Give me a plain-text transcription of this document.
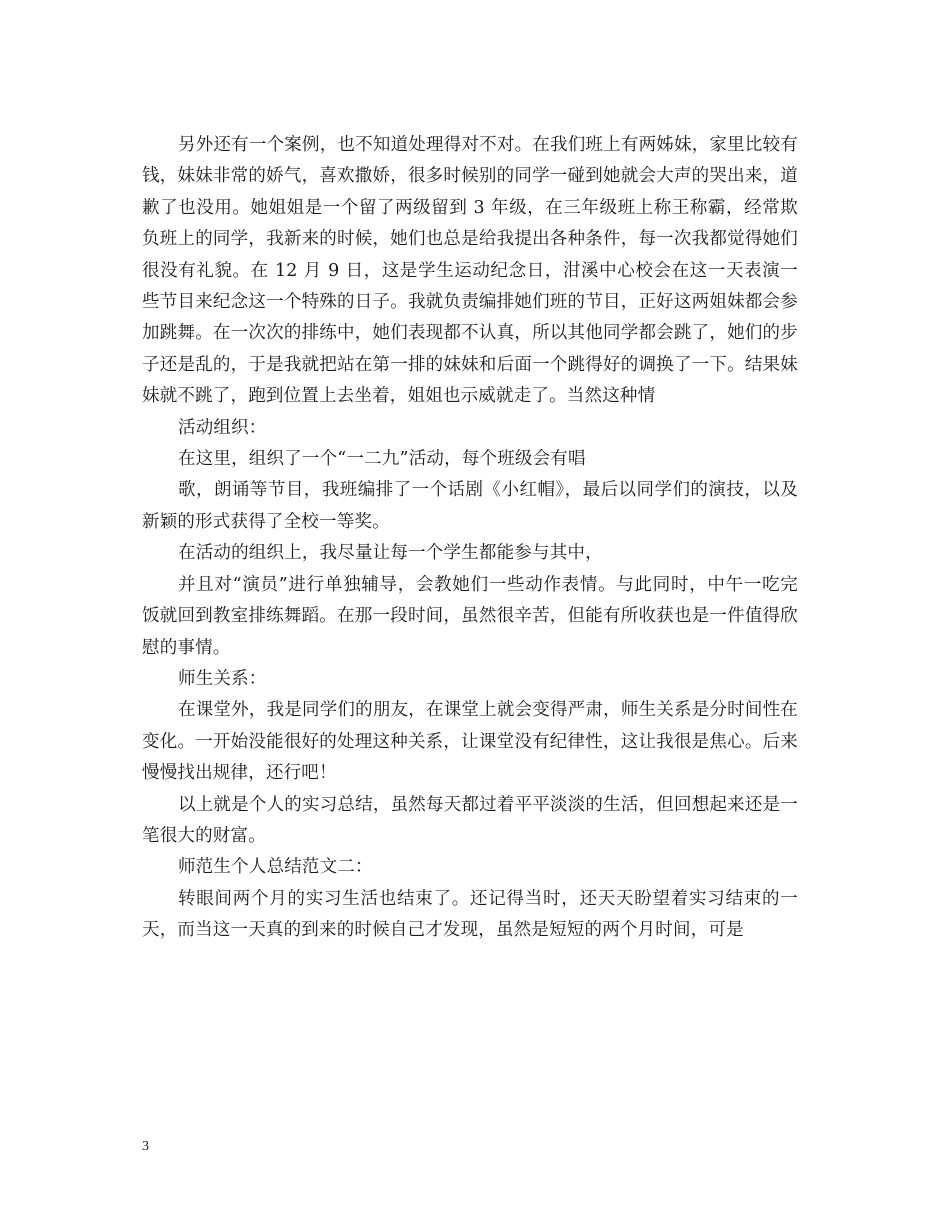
另外还有一个案例，也不知道处理得对不对。在我们班上有两姊妹，家里比较有钱，妹妹非常的娇气，喜欢撒娇，很多时候别的同学一碰到她就会大声的哭出来，道歉了也没用。她姐姐是一个留了两级留到 3 年级，在三年级班上称王称霸，经常欺负班上的同学，我新来的时候，她们也总是给我提出各种条件，每一次我都觉得她们很没有礼貌。在 12 月 9 日，这是学生运动纪念日，泔溪中心校会在这一天表演一些节目来纪念这一个特殊的日子。我就负责编排她们班的节目，正好这两姐妹都会参加跳舞。在一次次的排练中，她们表现都不认真，所以其他同学都会跳了，她们的步子还是乱的，于是我就把站在第一排的妹妹和后面一个跳得好的调换了一下。结果妹妹就不跳了，跑到位置上去坐着，姐姐也示威就走了。当然这种情

活动组织：

在这里，组织了一个“一二九”活动，每个班级会有唱

歌，朗诵等节目，我班编排了一个话剧《小红帽》，最后以同学们的演技，以及新颖的形式获得了全校一等奖。

在活动的组织上，我尽量让每一个学生都能参与其中，

并且对“演员”进行单独辅导，会教她们一些动作表情。与此同时，中午一吃完饭就回到教室排练舞蹈。在那一段时间，虽然很辛苦，但能有所收获也是一件值得欣慰的事情。

师生关系：

在课堂外，我是同学们的朋友，在课堂上就会变得严肃，师生关系是分时间性在变化。一开始没能很好的处理这种关系，让课堂没有纪律性，这让我很是焦心。后来慢慢找出规律，还行吧！

以上就是个人的实习总结，虽然每天都过着平平淡淡的生活，但回想起来还是一笔很大的财富。

师范生个人总结范文二：

转眼间两个月的实习生活也结束了。还记得当时，还天天盼望着实习结束的一天，而当这一天真的到来的时候自己才发现，虽然是短短的两个月时间，可是

3
